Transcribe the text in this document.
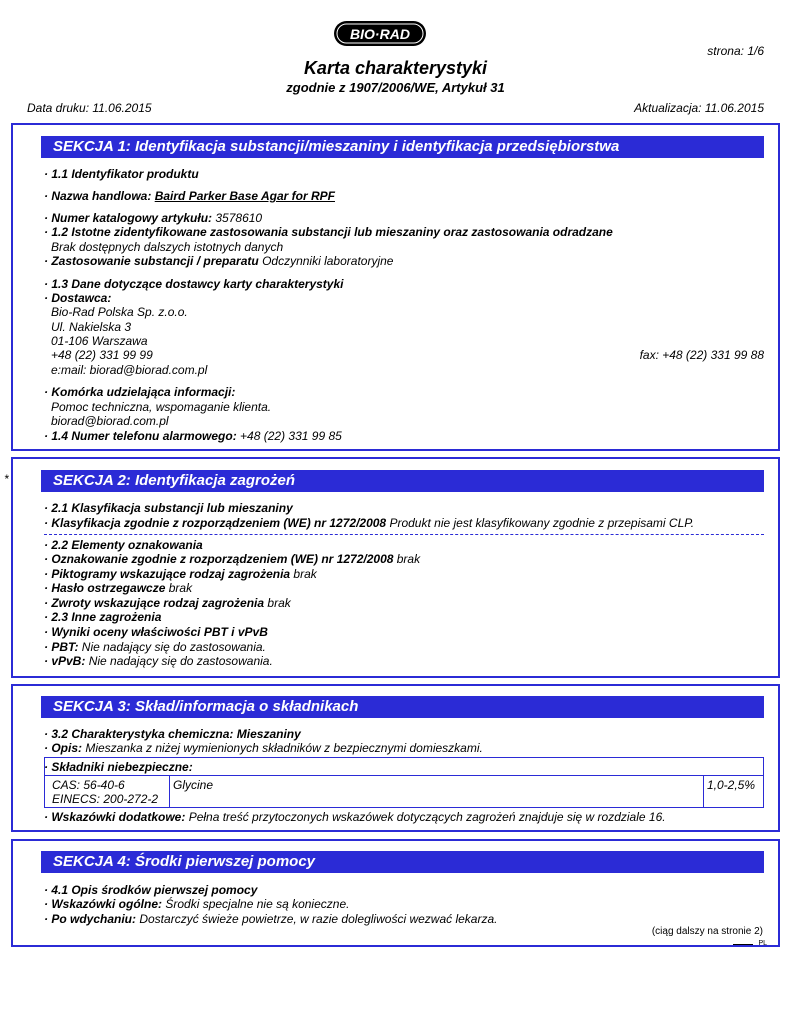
BIO·RAD
strona: 1/6
Karta charakterystyki
zgodnie z 1907/2006/WE, Artykuł 31
Data druku: 11.06.2015	Aktualizacja: 11.06.2015
SEKCJA 1: Identyfikacja substancji/mieszaniny i identyfikacja przedsiębiorstwa
· 1.1 Identyfikator produktu
· Nazwa handlowa: Baird Parker Base Agar for RPF
· Numer katalogowy artykułu: 3578610
· 1.2 Istotne zidentyfikowane zastosowania substancji lub mieszaniny oraz zastosowania odradzane
Brak dostępnych dalszych istotnych danych
· Zastosowanie substancji / preparatu Odczynniki laboratoryjne
· 1.3 Dane dotyczące dostawcy karty charakterystyki
· Dostawca:
Bio-Rad Polska Sp. z.o.o.
Ul. Nakielska 3
01-106 Warszawa
+48 (22) 331 99 99	fax: +48 (22) 331 99 88
e:mail: biorad@biorad.com.pl
· Komórka udzielająca informacji:
Pomoc techniczna, wspomaganie klienta.
biorad@biorad.com.pl
· 1.4 Numer telefonu alarmowego: +48 (22) 331 99 85
*	SEKCJA 2: Identyfikacja zagrożeń
· 2.1 Klasyfikacja substancji lub mieszaniny
· Klasyfikacja zgodnie z rozporządzeniem (WE) nr 1272/2008 Produkt nie jest klasyfikowany zgodnie z przepisami CLP.
· 2.2 Elementy oznakowania
· Oznakowanie zgodnie z rozporządzeniem (WE) nr 1272/2008 brak
· Piktogramy wskazujące rodzaj zagrożenia brak
· Hasło ostrzegawcze brak
· Zwroty wskazujące rodzaj zagrożenia brak
· 2.3 Inne zagrożenia
· Wyniki oceny właściwości PBT i vPvB
· PBT: Nie nadający się do zastosowania.
· vPvB: Nie nadający się do zastosowania.
SEKCJA 3: Skład/informacja o składnikach
· 3.2 Charakterystyka chemiczna: Mieszaniny
· Opis: Mieszanka z niżej wymienionych składników z bezpiecznymi domieszkami.
· Składniki niebezpieczne:
CAS: 56-40-6
EINECS: 200-272-2
Glycine	1,0-2,5%
· Wskazówki dodatkowe: Pełna treść przytoczonych wskazówek dotyczących zagrożeń znajduje się w rozdziale 16.
SEKCJA 4: Środki pierwszej pomocy
· 4.1 Opis środków pierwszej pomocy
· Wskazówki ogólne: Środki specjalne nie są konieczne.
· Po wdychaniu: Dostarczyć świeże powietrze, w razie dolegliwości wezwać lekarza.
(ciąg dalszy na stronie 2)
PL
